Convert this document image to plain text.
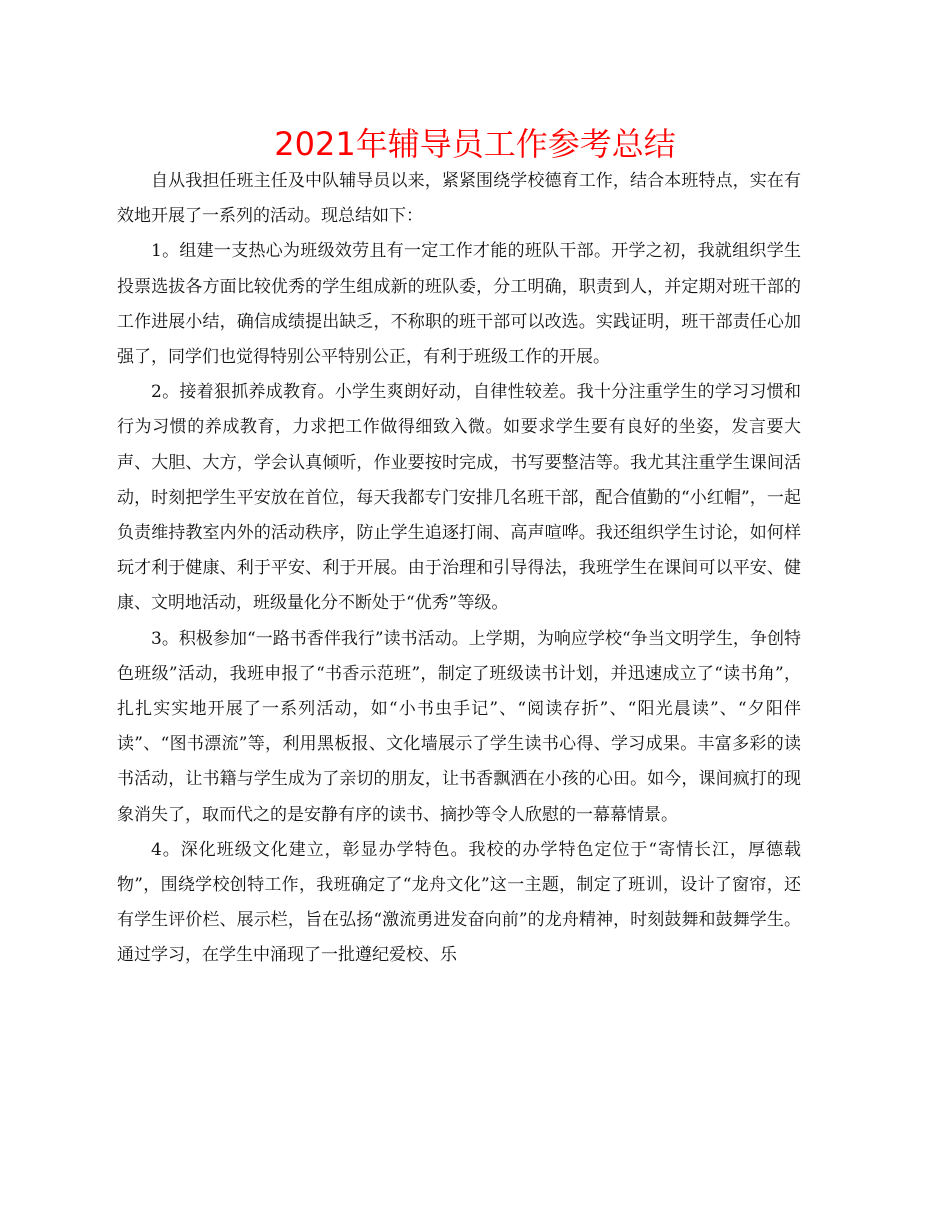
2021年辅导员工作参考总结

自从我担任班主任及中队辅导员以来，紧紧围绕学校德育工作，结合本班特点，实在有效地开展了一系列的活动。现总结如下：

1。组建一支热心为班级效劳且有一定工作才能的班队干部。开学之初，我就组织学生投票选拔各方面比较优秀的学生组成新的班队委，分工明确，职责到人，并定期对班干部的工作进展小结，确信成绩提出缺乏，不称职的班干部可以改选。实践证明，班干部责任心加强了，同学们也觉得特别公平特别公正，有利于班级工作的开展。

2。接着狠抓养成教育。小学生爽朗好动，自律性较差。我十分注重学生的学习习惯和行为习惯的养成教育，力求把工作做得细致入微。如要求学生要有良好的坐姿，发言要大声、大胆、大方，学会认真倾听，作业要按时完成，书写要整洁等。我尤其注重学生课间活动，时刻把学生平安放在首位，每天我都专门安排几名班干部，配合值勤的“小红帽”，一起负责维持教室内外的活动秩序，防止学生追逐打闹、高声喧哗。我还组织学生讨论，如何样玩才利于健康、利于平安、利于开展。由于治理和引导得法，我班学生在课间可以平安、健康、文明地活动，班级量化分不断处于“优秀”等级。

3。积极参加“一路书香伴我行”读书活动。上学期，为响应学校“争当文明学生，争创特色班级”活动，我班申报了“书香示范班”，制定了班级读书计划，并迅速成立了“读书角”，扎扎实实地开展了一系列活动，如“小书虫手记”、“阅读存折”、“阳光晨读”、“夕阳伴读”、“图书漂流”等，利用黑板报、文化墙展示了学生读书心得、学习成果。丰富多彩的读书活动，让书籍与学生成为了亲切的朋友，让书香飘洒在小孩的心田。如今，课间疯打的现象消失了，取而代之的是安静有序的读书、摘抄等令人欣慰的一幕幕情景。

4。深化班级文化建立，彰显办学特色。我校的办学特色定位于“寄情长江，厚德载物”，围绕学校创特工作，我班确定了“龙舟文化”这一主题，制定了班训，设计了窗帘，还有学生评价栏、展示栏，旨在弘扬“激流勇进发奋向前”的龙舟精神，时刻鼓舞和鼓舞学生。通过学习，在学生中涌现了一批遵纪爱校、乐
